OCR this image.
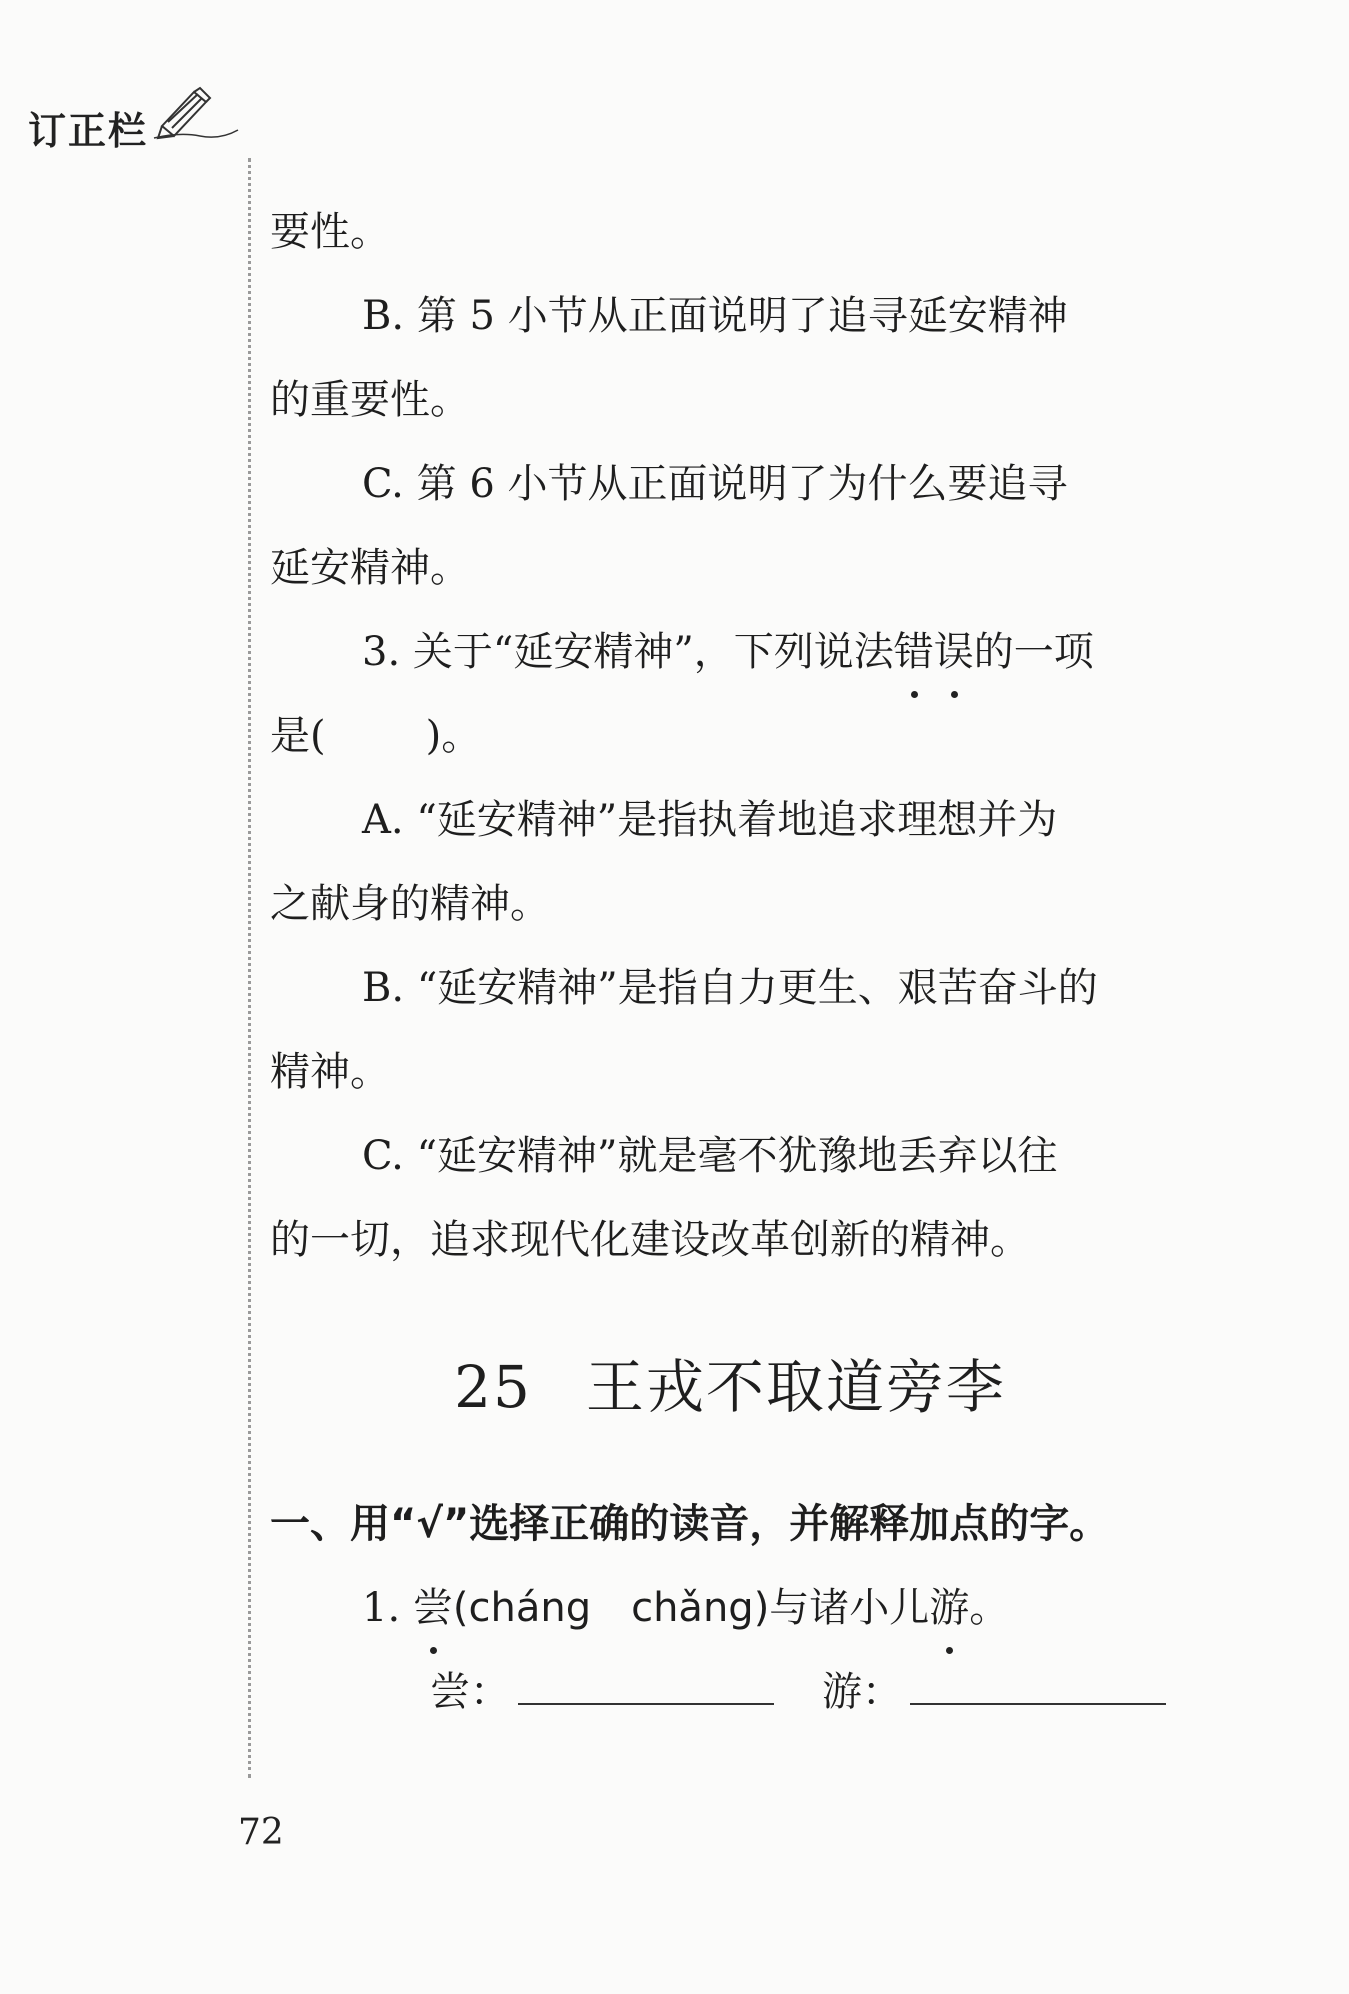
订正栏
要性。
B. 第 5 小节从正面说明了追寻延安精神
的重要性。
C. 第 6 小节从正面说明了为什么要追寻
延安精神。
3. 关于“延安精神”，下列说法错误的一项
是(	)。
A. “延安精神”是指执着地追求理想并为
之献身的精神。
B. “延安精神”是指自力更生、艰苦奋斗的
精神。
C. “延安精神”就是毫不犹豫地丢弃以往
的一切，追求现代化建设改革创新的精神。
25 王戎不取道旁李
一、用“√”选择正确的读音，并解释加点的字。
1. 尝(cháng　chǎng)与诸小儿游。
尝：	游：
72
